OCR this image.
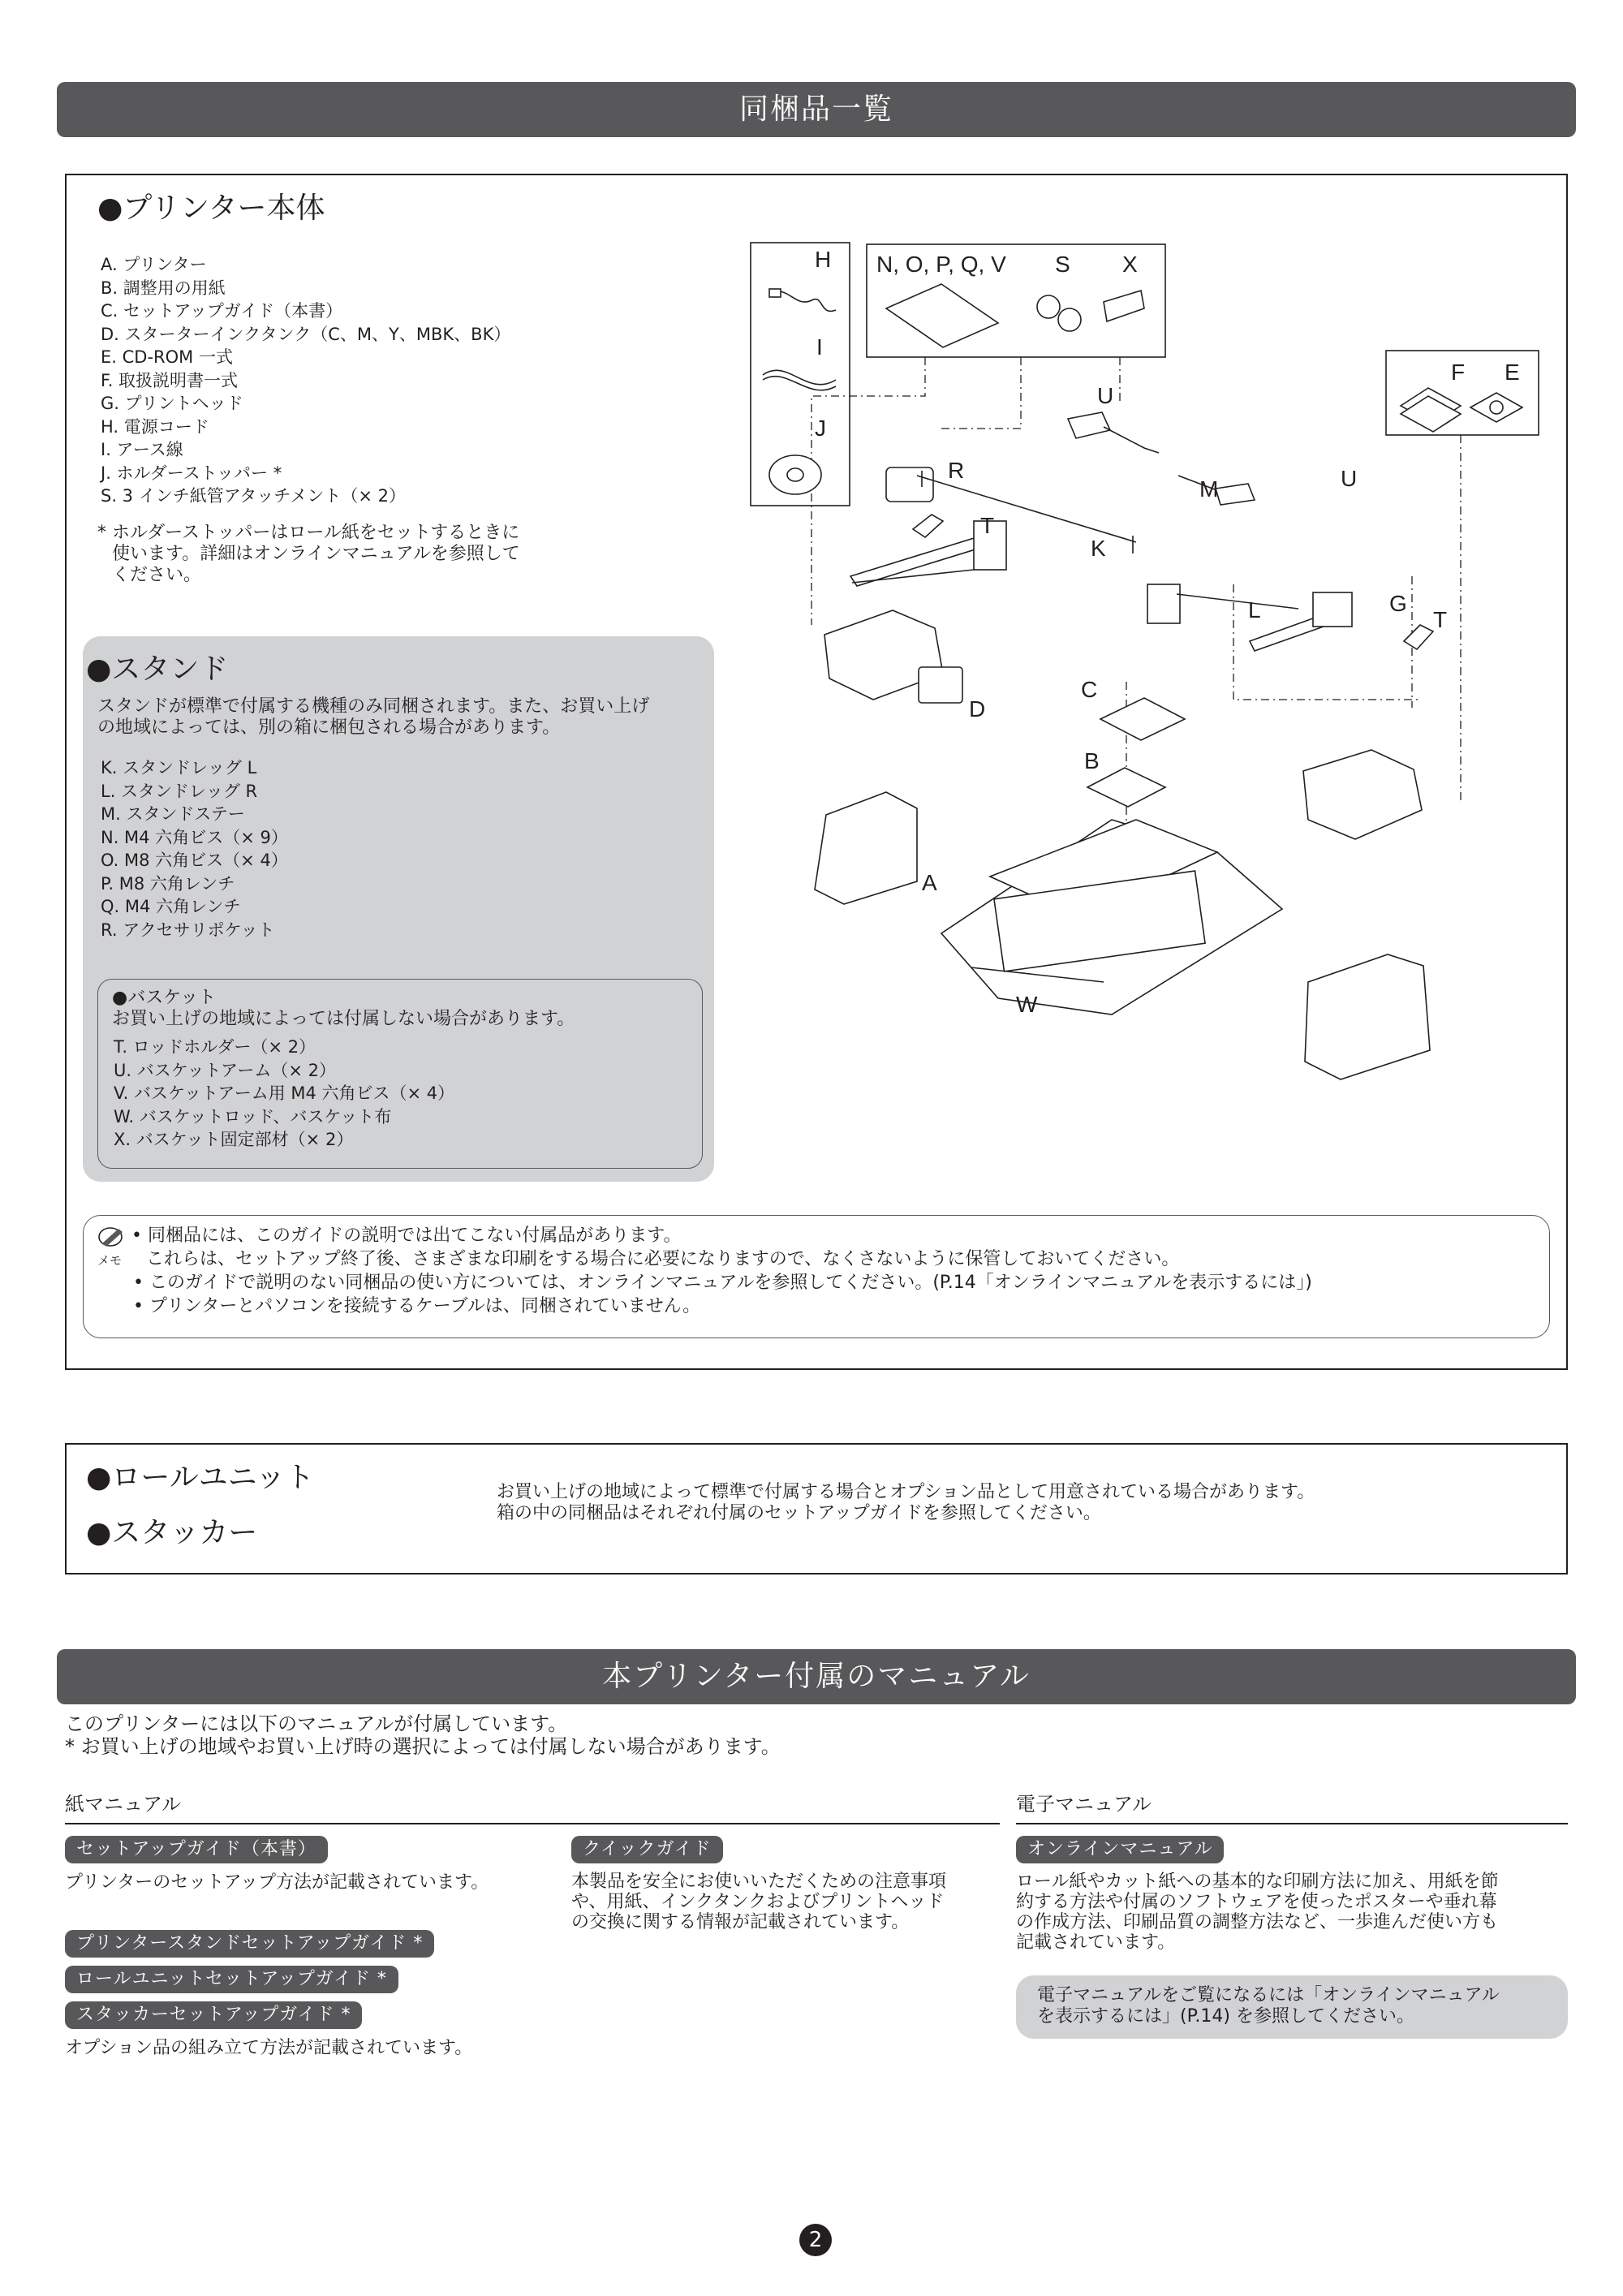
同梱品一覧
●プリンター本体
A. プリンター
B. 調整用の用紙
C. セットアップガイド（本書）
D. スターターインクタンク（C、M、Y、MBK、BK）
E. CD-ROM 一式
F. 取扱説明書一式
G. プリントヘッド
H. 電源コード
I. アース線
J. ホルダーストッパー *
S. 3 インチ紙管アタッチメント（× 2）
* ホルダーストッパーはロール紙をセットするときに
使います。詳細はオンラインマニュアルを参照して
ください。
●スタンド
スタンドが標準で付属する機種のみ同梱されます。また、お買い上げ
の地域によっては、別の箱に梱包される場合があります。
K. スタンドレッグ L
L. スタンドレッグ R
M. スタンドステー
N. M4 六角ビス（× 9）
O. M8 六角ビス（× 4）
P. M8 六角レンチ
Q. M4 六角レンチ
R. アクセサリポケット
●バスケット
お買い上げの地域によっては付属しない場合があります。
T. ロッドホルダー（× 2）
U. バスケットアーム（× 2）
V. バスケットアーム用 M4 六角ビス（× 4）
W. バスケットロッド、バスケット布
X. バスケット固定部材（× 2）
H
I
J
N, O, P, Q, V S X
F E
U
R
M	U
T
K
L	G
T
C
D
B
A
W
メモ
• 同梱品には、このガイドの説明では出てこない付属品があります。
これらは、セットアップ終了後、さまざまな印刷をする場合に必要になりますので、なくさないように保管しておいてください。
• このガイドで説明のない同梱品の使い方については、オンラインマニュアルを参照してください。(P.14「オンラインマニュアルを表示するには」)
• プリンターとパソコンを接続するケーブルは、同梱されていません。
●ロールユニット
●スタッカー
お買い上げの地域によって標準で付属する場合とオプション品として用意されている場合があります。
箱の中の同梱品はそれぞれ付属のセットアップガイドを参照してください。
本プリンター付属のマニュアル
このプリンターには以下のマニュアルが付属しています。
* お買い上げの地域やお買い上げ時の選択によっては付属しない場合があります。
紙マニュアル
セットアップガイド（本書）
プリンターのセットアップ方法が記載されています。
クイックガイド
本製品を安全にお使いいただくための注意事項
や、用紙、インクタンクおよびプリントヘッド
の交換に関する情報が記載されています。
プリンタースタンドセットアップガイド *
ロールユニットセットアップガイド *
スタッカーセットアップガイド *
オプション品の組み立て方法が記載されています。
電子マニュアル
オンラインマニュアル
ロール紙やカット紙への基本的な印刷方法に加え、用紙を節
約する方法や付属のソフトウェアを使ったポスターや垂れ幕
の作成方法、印刷品質の調整方法など、一歩進んだ使い方も
記載されています。
電子マニュアルをご覧になるには「オンラインマニュアル
を表示するには」(P.14) を参照してください。
2
